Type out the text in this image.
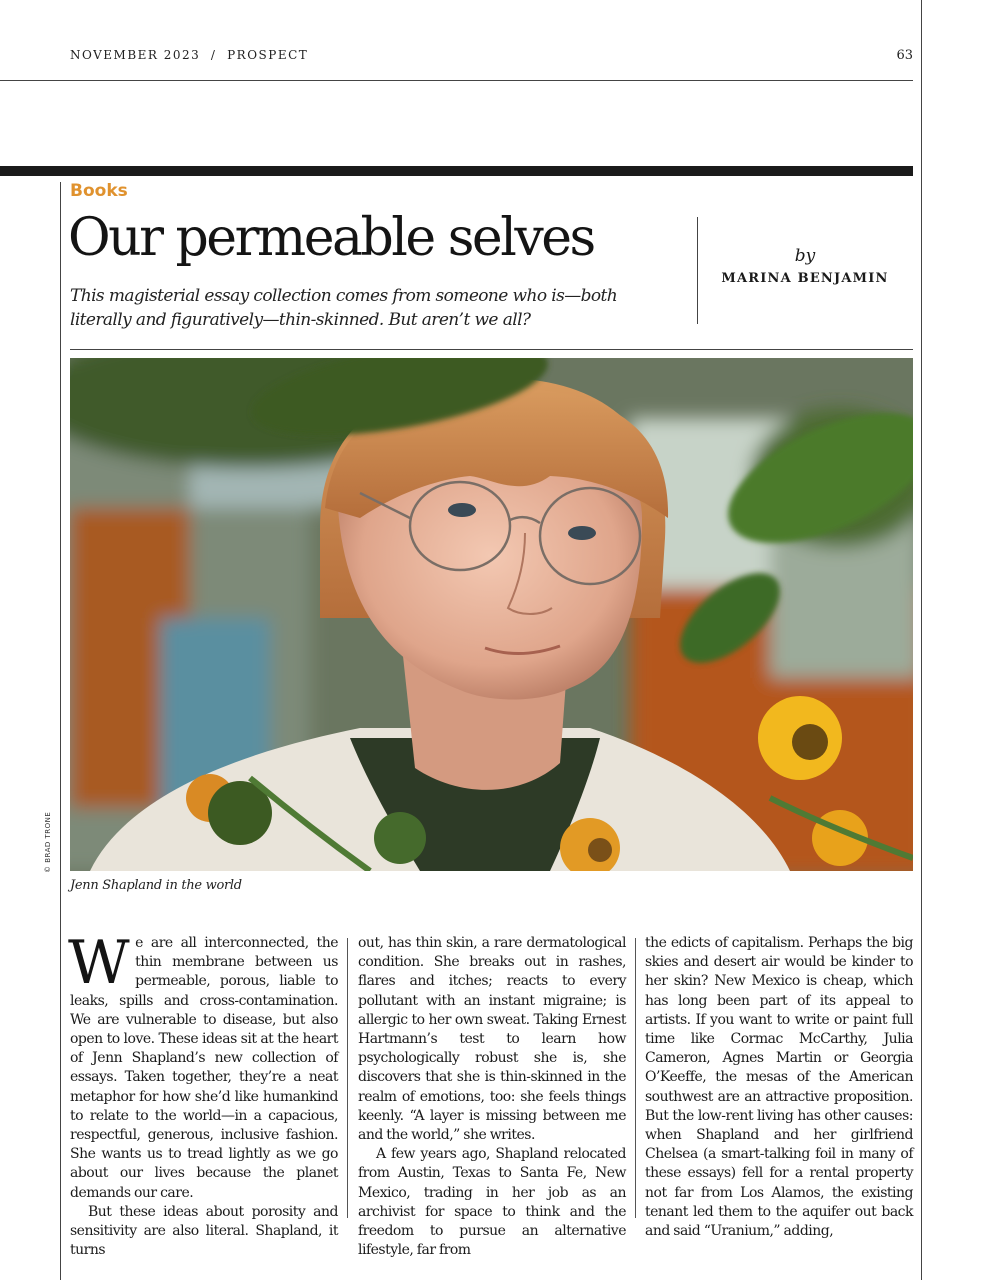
NOVEMBER 2023  /  PROSPECT	63
Books
Our permeable selves
This magisterial essay collection comes from someone who is—both literally and figuratively—thin-skinned. But aren’t we all?
by
MARINA BENJAMIN
© BRAD TRONE
Jenn Shapland in the world

We are all interconnected, the thin membrane between us permeable, porous, liable to leaks, spills and cross-contamination. We are vulnerable to disease, but also open to love. These ideas sit at the heart of Jenn Shapland’s new collection of essays. Taken together, they’re a neat metaphor for how she’d like humankind to relate to the world—in a capacious, respectful, generous, inclusive fashion. She wants us to tread lightly as we go about our lives because the planet demands our care.

But these ideas about porosity and sensitivity are also literal. Shapland, it turns

out, has thin skin, a rare dermatological condition. She breaks out in rashes, flares and itches; reacts to every pollutant with an instant migraine; is allergic to her own sweat. Taking Ernest Hartmann’s test to learn how psychologically robust she is, she discovers that she is thin-skinned in the realm of emotions, too: she feels things keenly. “A layer is missing between me and the world,” she writes.

A few years ago, Shapland relocated from Austin, Texas to Santa Fe, New Mexico, trading in her job as an archivist for space to think and the freedom to pursue an alternative lifestyle, far from

the edicts of capitalism. Perhaps the big skies and desert air would be kinder to her skin? New Mexico is cheap, which has long been part of its appeal to artists. If you want to write or paint full time like Cormac McCarthy, Julia Cameron, Agnes Martin or Georgia O’Keeffe, the mesas of the American southwest are an attractive proposition. But the low-rent living has other causes: when Shapland and her girlfriend Chelsea (a smart-talking foil in many of these essays) fell for a rental property not far from Los Alamos, the existing tenant led them to the aquifer out back and said “Uranium,” adding,
